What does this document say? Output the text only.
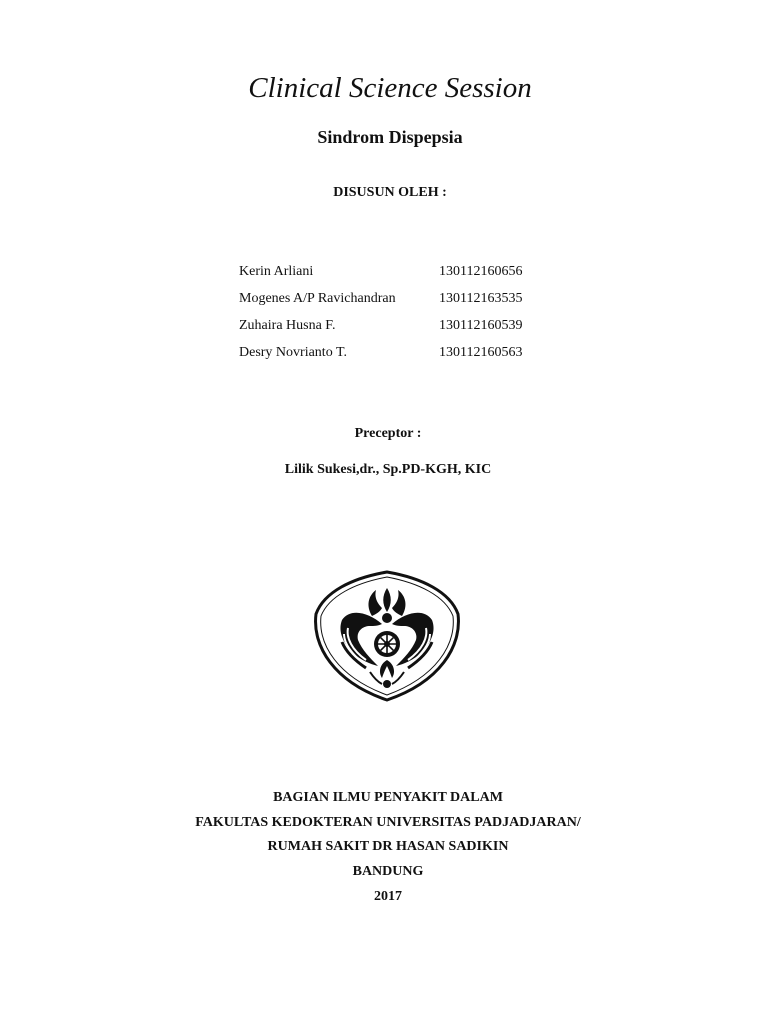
Clinical Science Session
Sindrom Dispepsia
DISUSUN OLEH :
Kerin Arliani	130112160656
Mogenes A/P Ravichandran	130112163535
Zuhaira Husna F.	130112160539
Desry Novrianto T.	130112160563
Preceptor :
Lilik Sukesi,dr., Sp.PD-KGH, KIC
BAGIAN ILMU PENYAKIT DALAM
FAKULTAS KEDOKTERAN UNIVERSITAS PADJADJARAN/
RUMAH SAKIT DR HASAN SADIKIN
BANDUNG
2017
